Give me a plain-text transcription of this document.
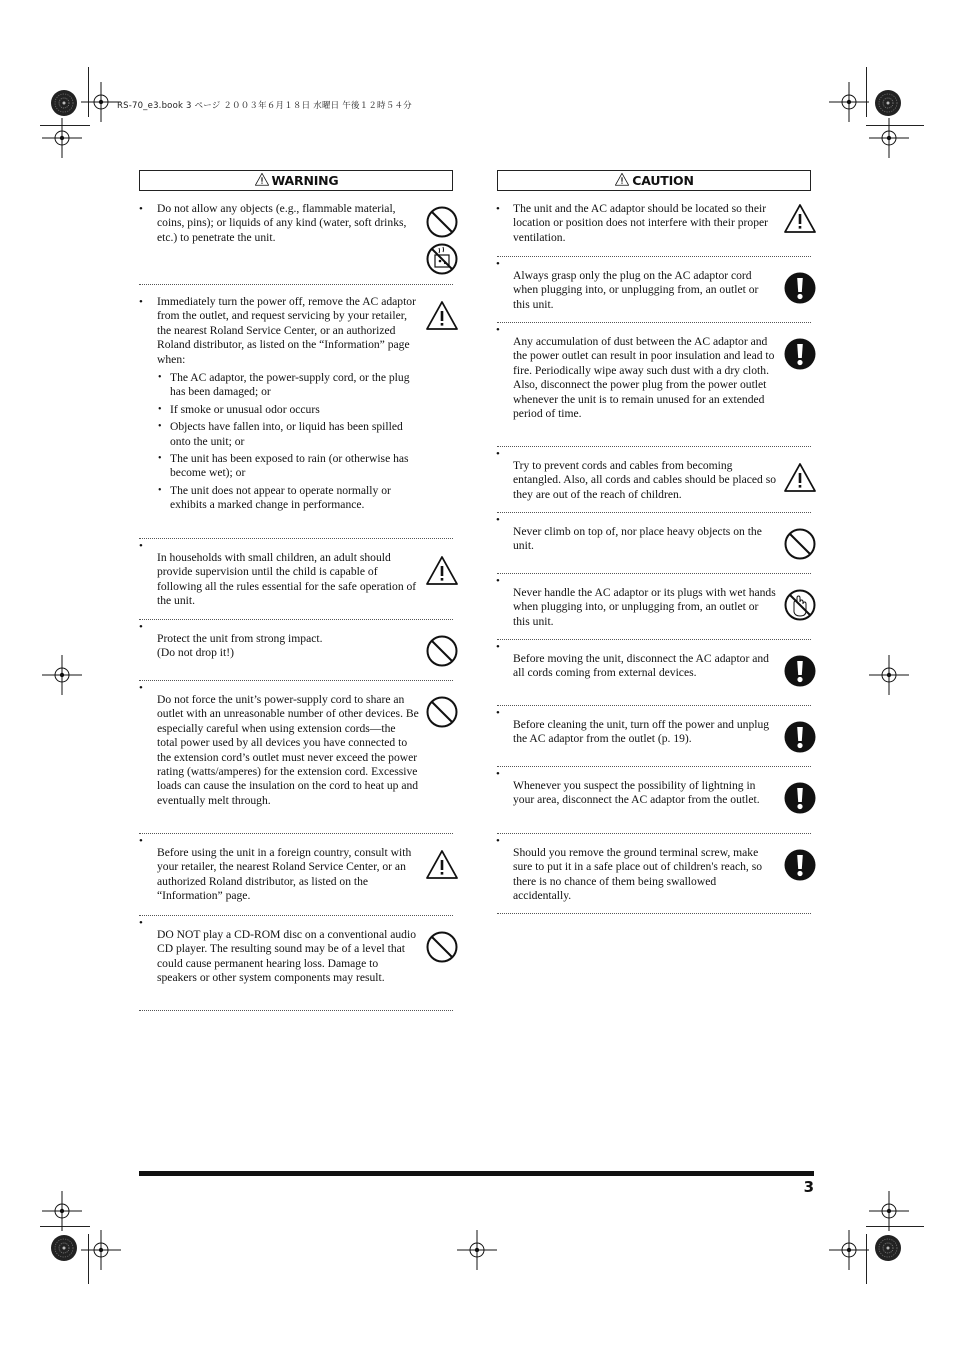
RS-70_e3.book 3 ページ ２００３年６月１８日 水曜日 午後１２時５４分
WARNING
• Do not allow any objects (e.g., flammable material, coins, pins); or liquids of any kind (water, soft drinks, etc.) to penetrate the unit.
• Immediately turn the power off, remove the AC adaptor from the outlet, and request servicing by your retailer, the nearest Roland Service Center, or an authorized Roland distributor, as listed on the “Information” page when:
• The AC adaptor, the power-supply cord, or the plug has been damaged; or
• If smoke or unusual odor occurs
• Objects have fallen into, or liquid has been spilled onto the unit; or
• The unit has been exposed to rain (or otherwise has become wet); or
• The unit does not appear to operate normally or exhibits a marked change in performance.
• In households with small children, an adult should provide supervision until the child is capable of following all the rules essential for the safe operation of the unit.
• Protect the unit from strong impact.
(Do not drop it!)
• Do not force the unit’s power-supply cord to share an outlet with an unreasonable number of other devices. Be especially careful when using extension cords—the total power used by all devices you have connected to the extension cord’s outlet must never exceed the power rating (watts/amperes) for the extension cord. Excessive loads can cause the insulation on the cord to heat up and eventually melt through.
• Before using the unit in a foreign country, consult with your retailer, the nearest Roland Service Center, or an authorized Roland distributor, as listed on the “Information” page.
• DO NOT play a CD-ROM disc on a conventional audio CD player. The resulting sound may be of a level that could cause permanent hearing loss. Damage to speakers or other system components may result.
CAUTION
• The unit and the AC adaptor should be located so their location or position does not interfere with their proper ventilation.
• Always grasp only the plug on the AC adaptor cord when plugging into, or unplugging from, an outlet or this unit.
• Any accumulation of dust between the AC adaptor and the power outlet can result in poor insulation and lead to fire. Periodically wipe away such dust with a dry cloth. Also, disconnect the power plug from the power outlet whenever the unit is to remain unused for an extended period of time.
• Try to prevent cords and cables from becoming entangled. Also, all cords and cables should be placed so they are out of the reach of children.
• Never climb on top of, nor place heavy objects on the unit.
• Never handle the AC adaptor or its plugs with wet hands when plugging into, or unplugging from, an outlet or this unit.
• Before moving the unit, disconnect the AC adaptor and all cords coming from external devices.
• Before cleaning the unit, turn off the power and unplug the AC adaptor from the outlet (p. 19).
• Whenever you suspect the possibility of lightning in your area, disconnect the AC adaptor from the outlet.
• Should you remove the ground terminal screw, make sure to put it in a safe place out of children's reach, so there is no chance of them being swallowed accidentally.
3
